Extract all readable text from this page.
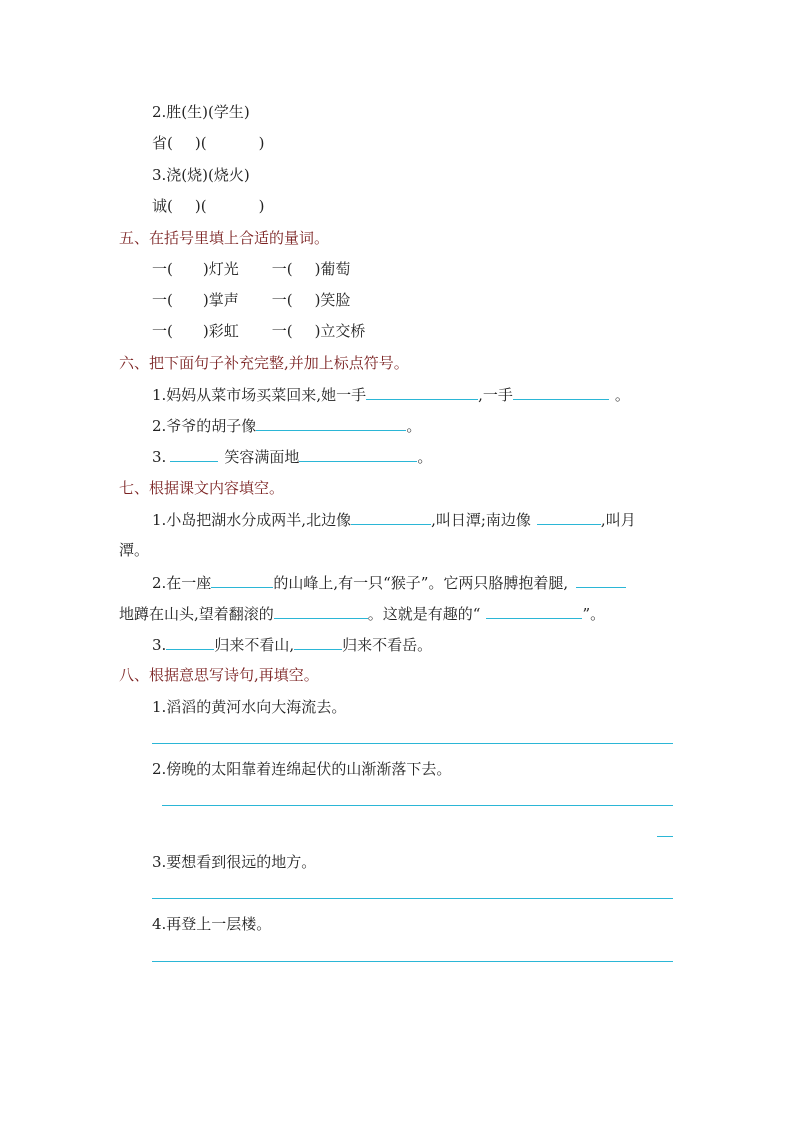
2.胜(生)(学生)
省( )(	)
3.浇(烧)(烧火)
诚( )(	)
五、在括号里填上合适的量词。
一( )灯光 一( )葡萄
一( )掌声 一( )笑脸
一( )彩虹 一( )立交桥
六、把下面句子补充完整,并加上标点符号。
1.妈妈从菜市场买菜回来,她一手	,一手	。
2.爷爷的胡子像	。
3.	笑容满面地	。
七、根据课文内容填空。
1.小岛把湖水分成两半,北边像	,叫日潭;南边像	,叫月
潭。
2.在一座	的山峰上,有一只“猴子”。它两只胳膊抱着腿,
地蹲在山头,望着翻滚的	。这就是有趣的“	”。
3.	归来不看山,	归来不看岳。
八、根据意思写诗句,再填空。
1.滔滔的黄河水向大海流去。
2.傍晚的太阳靠着连绵起伏的山渐渐落下去。
3.要想看到很远的地方。
4.再登上一层楼。
